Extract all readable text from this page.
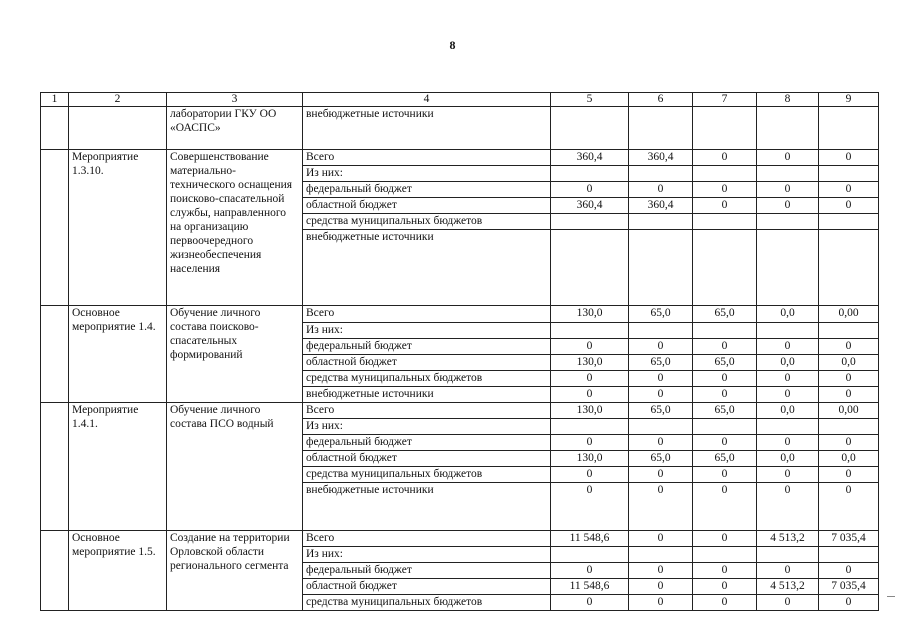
8
1	2	3	4	5	6	7	8	9
		лаборатории ГКУ ОО «ОАСПС»	внебюджетные источники					
	Мероприятие 1.3.10.	Совершенствование материально-технического оснащения поисково-спасательной службы, направленного на организацию первоочередного жизнеобеспечения населения	Всего	360,4	360,4	0	0	0
			Из них:					
			федеральный бюджет	0	0	0	0	0
			областной бюджет	360,4	360,4	0	0	0
			средства муниципальных бюджетов					
			внебюджетные источники					
	Основное мероприятие 1.4.	Обучение личного состава поисково-спасательных формирований	Всего	130,0	65,0	65,0	0,0	0,00
			Из них:					
			федеральный бюджет	0	0	0	0	0
			областной бюджет	130,0	65,0	65,0	0,0	0,0
			средства муниципальных бюджетов	0	0	0	0	0
			внебюджетные источники	0	0	0	0	0
	Мероприятие 1.4.1.	Обучение личного состава ПСО водный	Всего	130,0	65,0	65,0	0,0	0,00
			Из них:					
			федеральный бюджет	0	0	0	0	0
			областной бюджет	130,0	65,0	65,0	0,0	0,0
			средства муниципальных бюджетов	0	0	0	0	0
			внебюджетные источники	0	0	0	0	0
	Основное мероприятие 1.5.	Создание на территории Орловской области регионального сегмента	Всего	11 548,6	0	0	4 513,2	7 035,4
			Из них:					
			федеральный бюджет	0	0	0	0	0
			областной бюджет	11 548,6	0	0	4 513,2	7 035,4
			средства муниципальных бюджетов	0	0	0	0	0
